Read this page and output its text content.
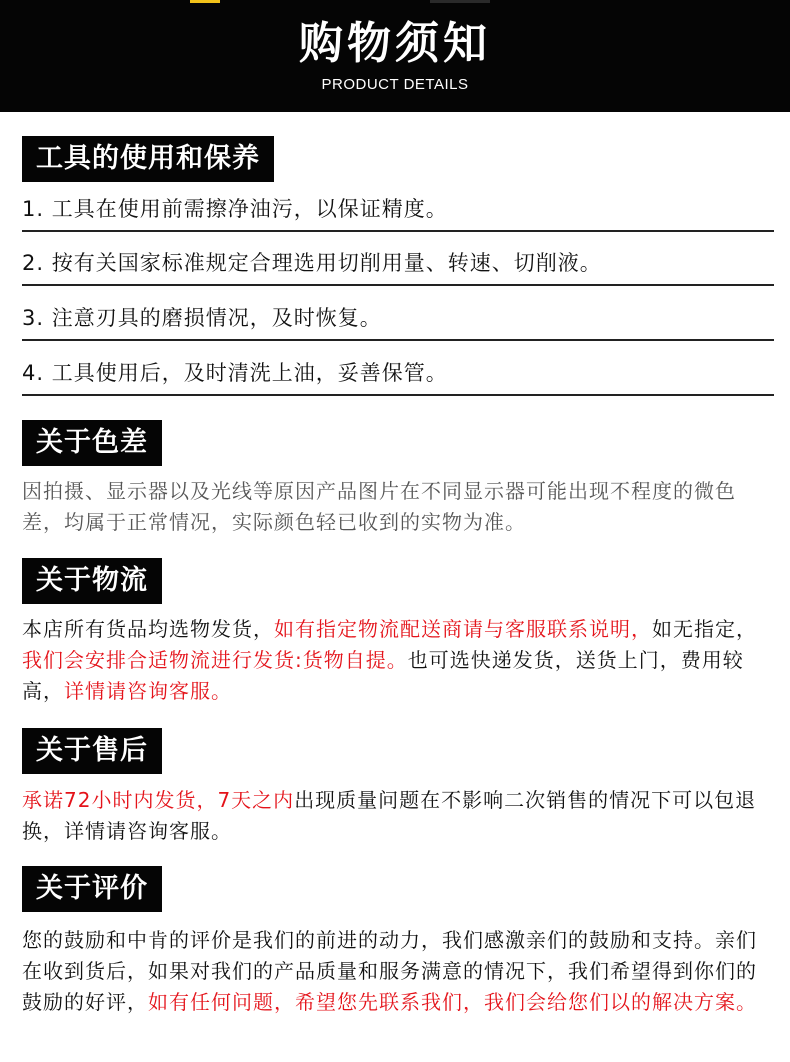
购物须知
PRODUCT DETAILS
工具的使用和保养
1. 工具在使用前需擦净油污，以保证精度。
2. 按有关国家标准规定合理选用切削用量、转速、切削液。
3. 注意刃具的磨损情况，及时恢复。
4. 工具使用后，及时清洗上油，妥善保管。
关于色差

因拍摄、显示器以及光线等原因产品图片在不同显示器可能出现不程度的微色差，均属于正常情况，实际颜色轻已收到的实物为准。

关于物流

本店所有货品均选物发货，如有指定物流配送商请与客服联系说明，如无指定，我们会安排合适物流进行发货:货物自提。也可选快递发货，送货上门，费用较高，详情请咨询客服。

关于售后

承诺72小时内发货，7天之内出现质量问题在不影响二次销售的情况下可以包退换，详情请咨询客服。

关于评价

您的鼓励和中肯的评价是我们的前进的动力，我们感激亲们的鼓励和支持。亲们在收到货后，如果对我们的产品质量和服务满意的情况下，我们希望得到你们的鼓励的好评，如有任何问题，希望您先联系我们，我们会给您们以的解决方案。
